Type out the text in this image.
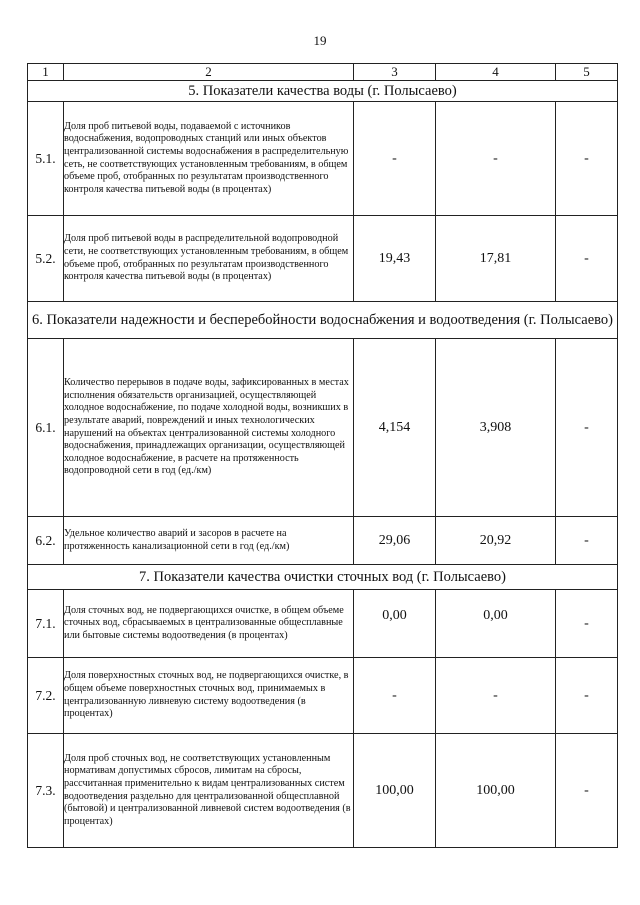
19
1	2	3	4	5
5. Показатели качества воды (г. Полысаево)				
5.1.	Доля проб питьевой воды, подаваемой с источников водоснабжения, водопроводных станций или иных объектов централизованной системы водоснабжения в распределительную сеть, не соответствующих установленным требованиям, в общем объеме проб, отобранных по результатам производственного контроля качества питьевой воды (в процентах)	-	-	-
5.2.	Доля проб питьевой воды в распределительной водопроводной сети, не соответствующих установленным требованиям, в общем объеме проб, отобранных по результатам производственного контроля качества питьевой воды (в процентах)	19,43	17,81	-
6. Показатели надежности и бесперебойности водоснабжения и водоотведения (г. Полысаево)				
6.1.	Количество перерывов в подаче воды, зафиксированных в местах исполнения обязательств организацией, осуществляющей холодное водоснабжение, по подаче холодной воды, возникших в результате аварий, повреждений и иных технологических нарушений на объектах централизованной системы холодного водоснабжения, принадлежащих организации, осуществляющей холодное водоснабжение, в расчете на протяженность водопроводной сети в год (ед./км)	4,154	3,908	-
6.2.	Удельное количество аварий и засоров в расчете на протяженность канализационной сети в год (ед./км)	29,06	20,92	-
7. Показатели качества очистки сточных вод (г. Полысаево)				
7.1.	Доля сточных вод, не подвергающихся очистке, в общем объеме сточных вод, сбрасываемых в централизованные общесплавные или бытовые системы водоотведения (в процентах)	0,00	0,00	-
7.2.	Доля поверхностных сточных вод, не подвергающихся очистке, в общем объеме поверхностных сточных вод, принимаемых в централизованную ливневую систему водоотведения (в процентах)	-	-	-
7.3.	Доля проб сточных вод, не соответствующих установленным нормативам допустимых сбросов, лимитам на сбросы, рассчитанная применительно к видам централизованных систем водоотведения раздельно для централизованной общесплавной (бытовой) и централизованной ливневой систем водоотведения (в процентах)	100,00	100,00	-
